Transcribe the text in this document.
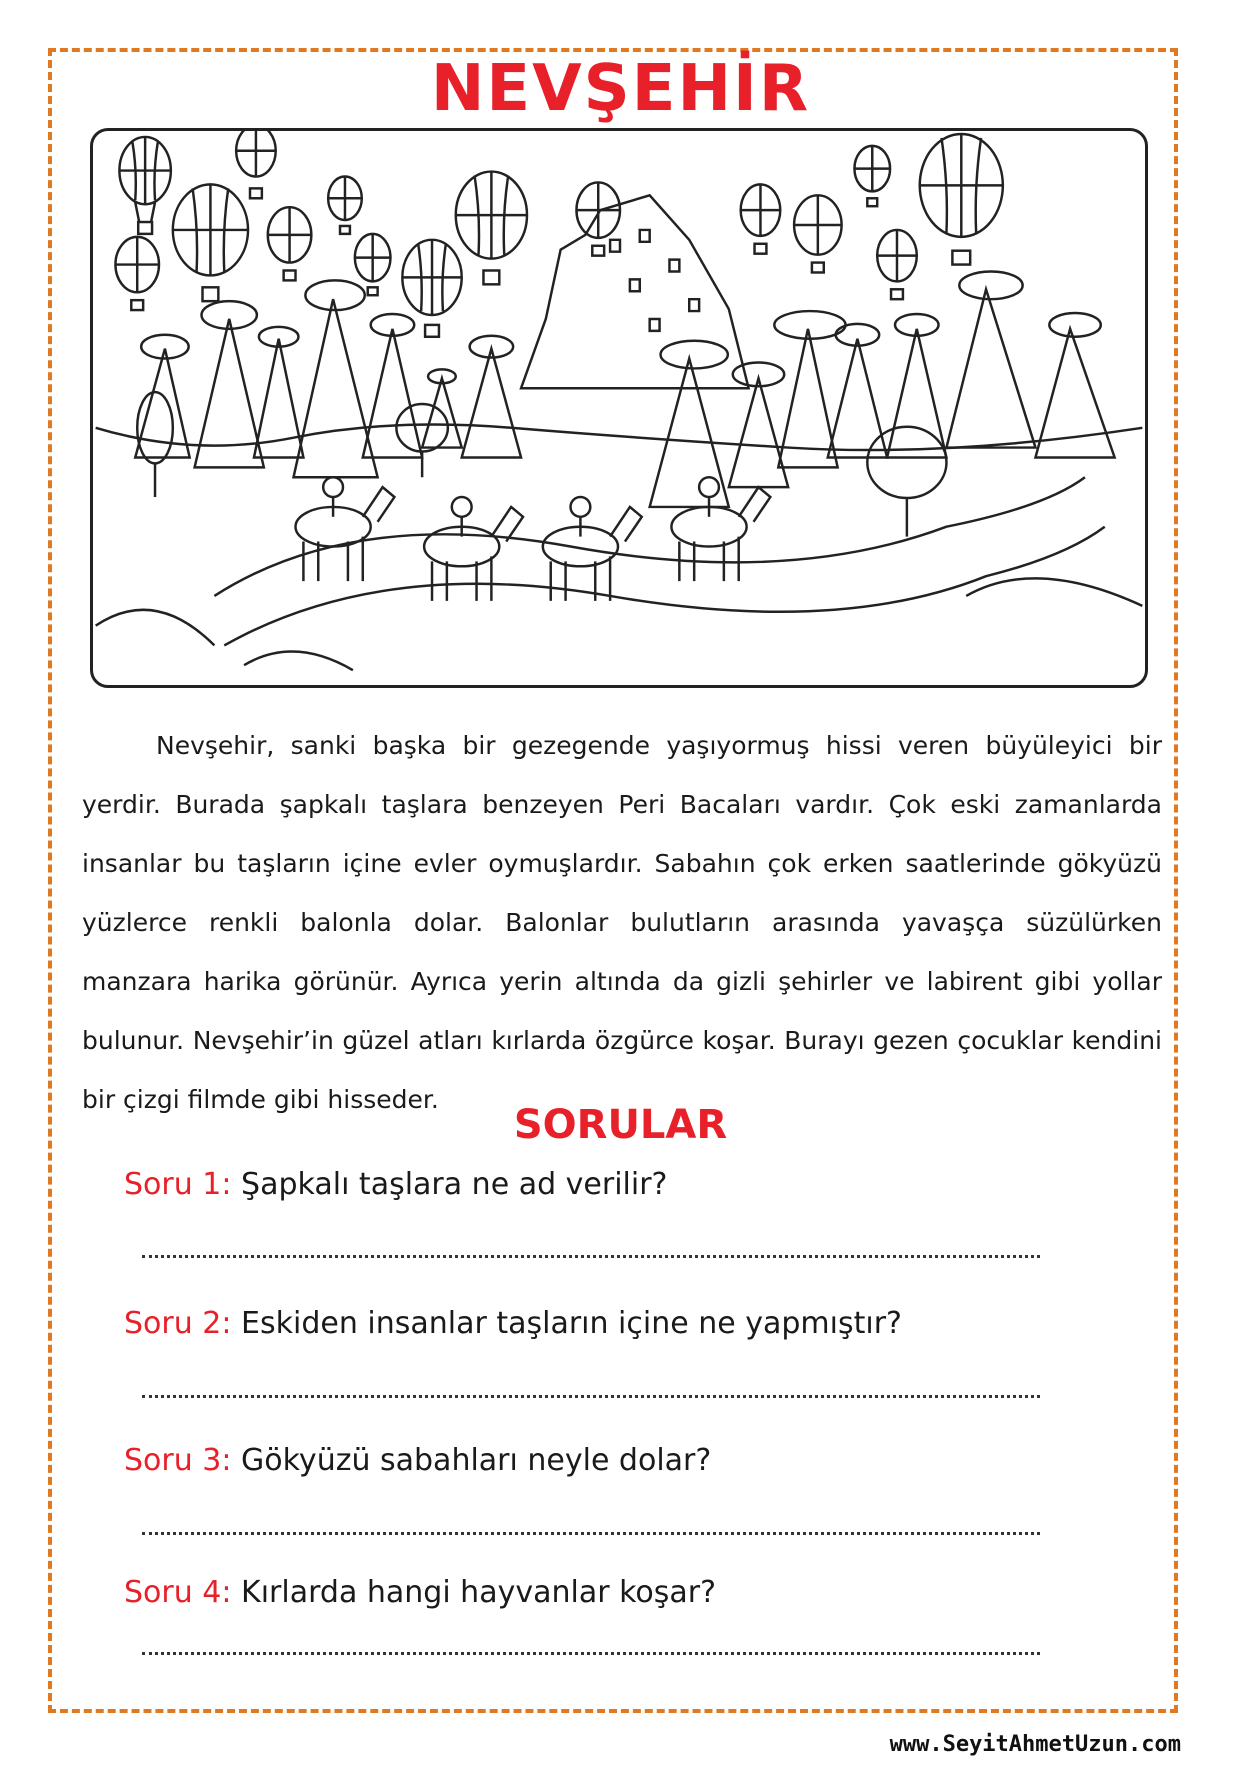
NEVŞEHİR

Nevşehir, sanki başka bir gezegende yaşıyormuş hissi veren büyüleyici bir yerdir. Burada şapkalı taşlara benzeyen Peri Bacaları vardır. Çok eski zamanlarda insanlar bu taşların içine evler oymuşlardır. Sabahın çok erken saatlerinde gökyüzü yüzlerce renkli balonla dolar. Balonlar bulutların arasında yavaşça süzülürken manzara harika görünür. Ayrıca yerin altında da gizli şehirler ve labirent gibi yollar bulunur. Nevşehir’in güzel atları kırlarda özgürce koşar. Burayı gezen çocuklar kendini bir çizgi filmde gibi hisseder.

SORULAR
Soru 1: Şapkalı taşlara ne ad verilir?
Soru 2: Eskiden insanlar taşların içine ne yapmıştır?
Soru 3: Gökyüzü sabahları neyle dolar?
Soru 4: Kırlarda hangi hayvanlar koşar?
www.SeyitAhmetUzun.com
